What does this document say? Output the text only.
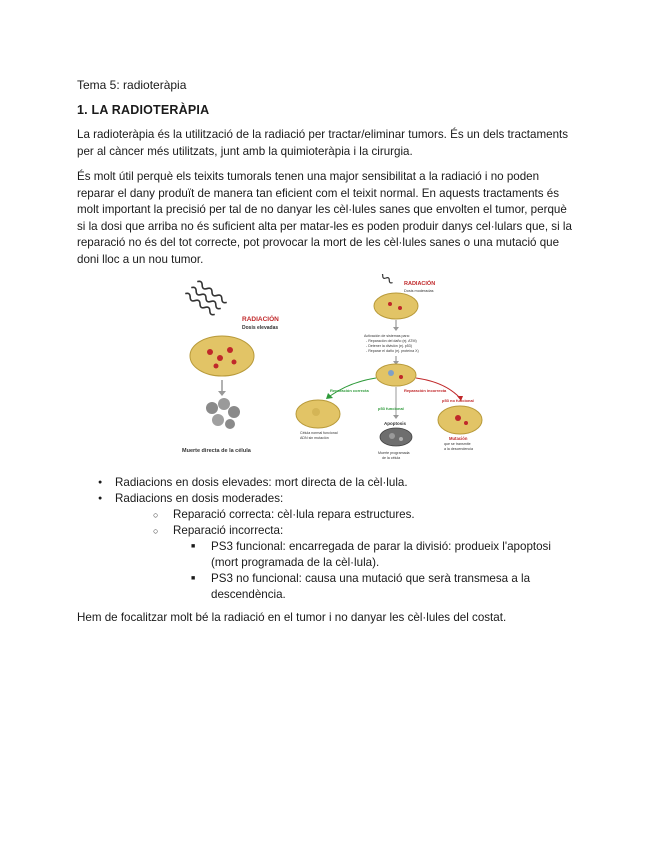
Tema 5: radioteràpia
1. LA RADIOTERÀPIA
La radioteràpia és la utilització de la radiació per tractar/eliminar tumors. És un dels tractaments per al càncer més utilitzats, junt amb la quimioteràpia i la cirurgia.
És molt útil perquè els teixits tumorals tenen una major sensibilitat a la radiació i no poden reparar el dany produït de manera tan eficient com el teixit normal. En aquests tractaments és molt important la precisió per tal de no danyar les cèl·lules sanes que envolten el tumor, perquè si la dosi que arriba no és suficient alta per matar-les es poden produir danys cel·lulars que, si la reparació no és del tot correcte, pot provocar la mort de les cèl·lules sanes o una mutació que doni lloc a un nou tumor.
RADIACIÓN
Dosis elevadas
Muerte directa de la célula
RADIACIÓN
Dosis moderadas
Activación de sistemas para:
- Reparación del daño (ej. ATM)
- Detener la división (ej. p53)
- Reparar el daño (ej. proteína X)
Reparación correcta	Reparación incorrecta
p53 funcional
p53 no funcional
Célula normal funcional
ADN sin mutación
Apoptosis
Muerte programada
de la célula
Mutación
que se transmite
a la descendencia
● Radiacions en dosis elevades: mort directa de la cèl·lula.
● Radiacions en dosis moderades:
○ Reparació correcta: cèl·lula repara estructures.
○ Reparació incorrecta:
■ PS3 funcional: encarregada de parar la divisió: produeix l'apoptosi (mort programada de la cèl·lula).
■ PS3 no funcional: causa una mutació que serà transmesa a la descendència.
Hem de focalitzar molt bé la radiació en el tumor i no danyar les cèl·lules del costat.
